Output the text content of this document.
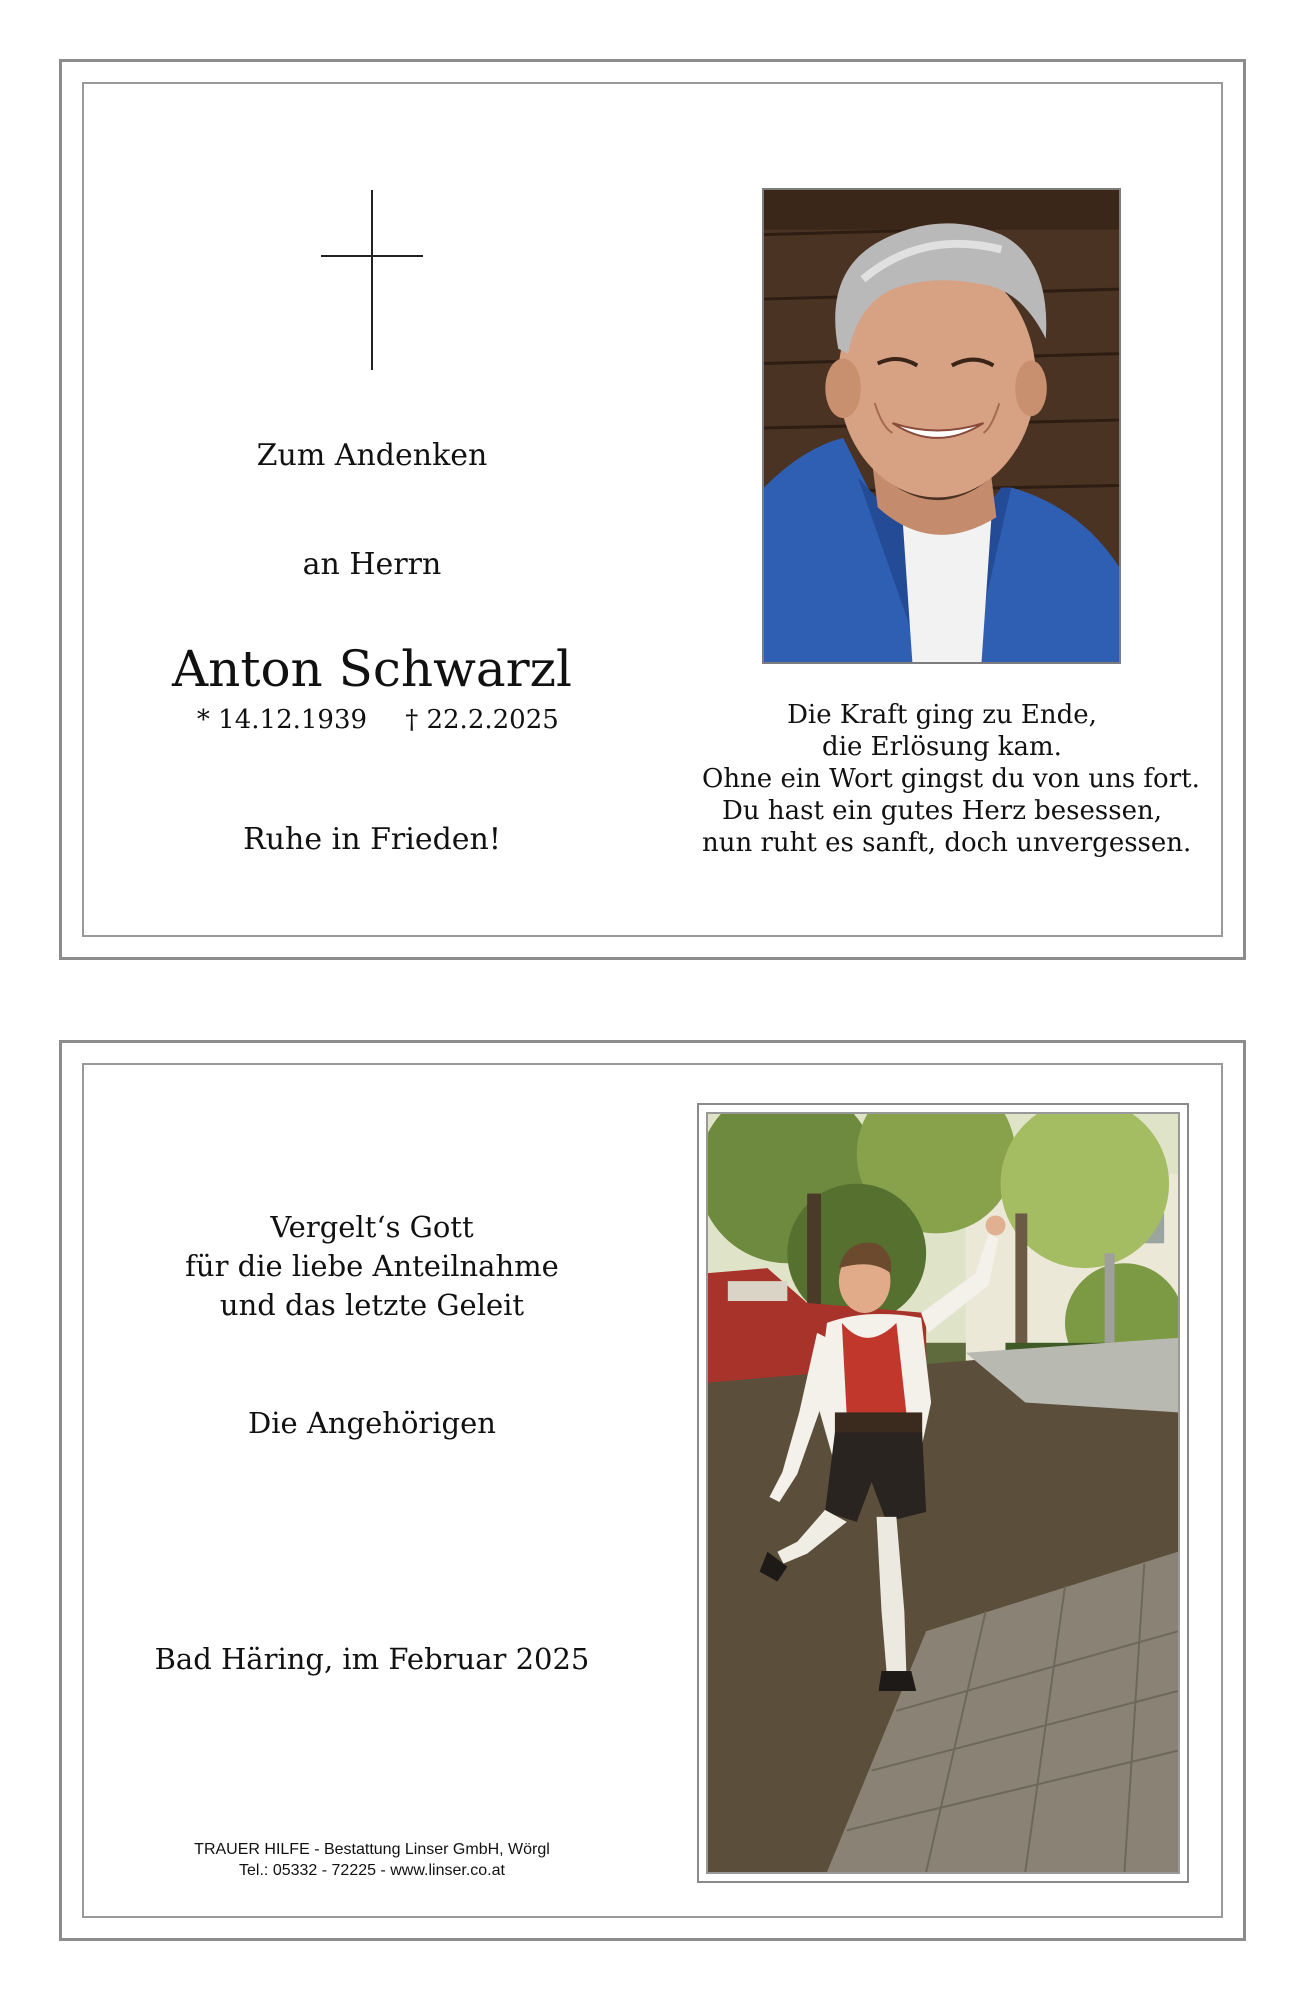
Zum Andenken
an Herrn
Anton Schwarzl
* 14.12.1939	† 22.2.2025
Ruhe in Frieden!
Die Kraft ging zu Ende,
die Erlösung kam.
Ohne ein Wort gingst du von uns fort.
Du hast ein gutes Herz besessen,
nun ruht es sanft, doch unvergessen.
Vergelt‘s Gott
für die liebe Anteilnahme
und das letzte Geleit
Die Angehörigen
Bad Häring, im Februar 2025
TRAUER HILFE - Bestattung Linser GmbH, Wörgl
Tel.: 05332 - 72225 - www.linser.co.at
